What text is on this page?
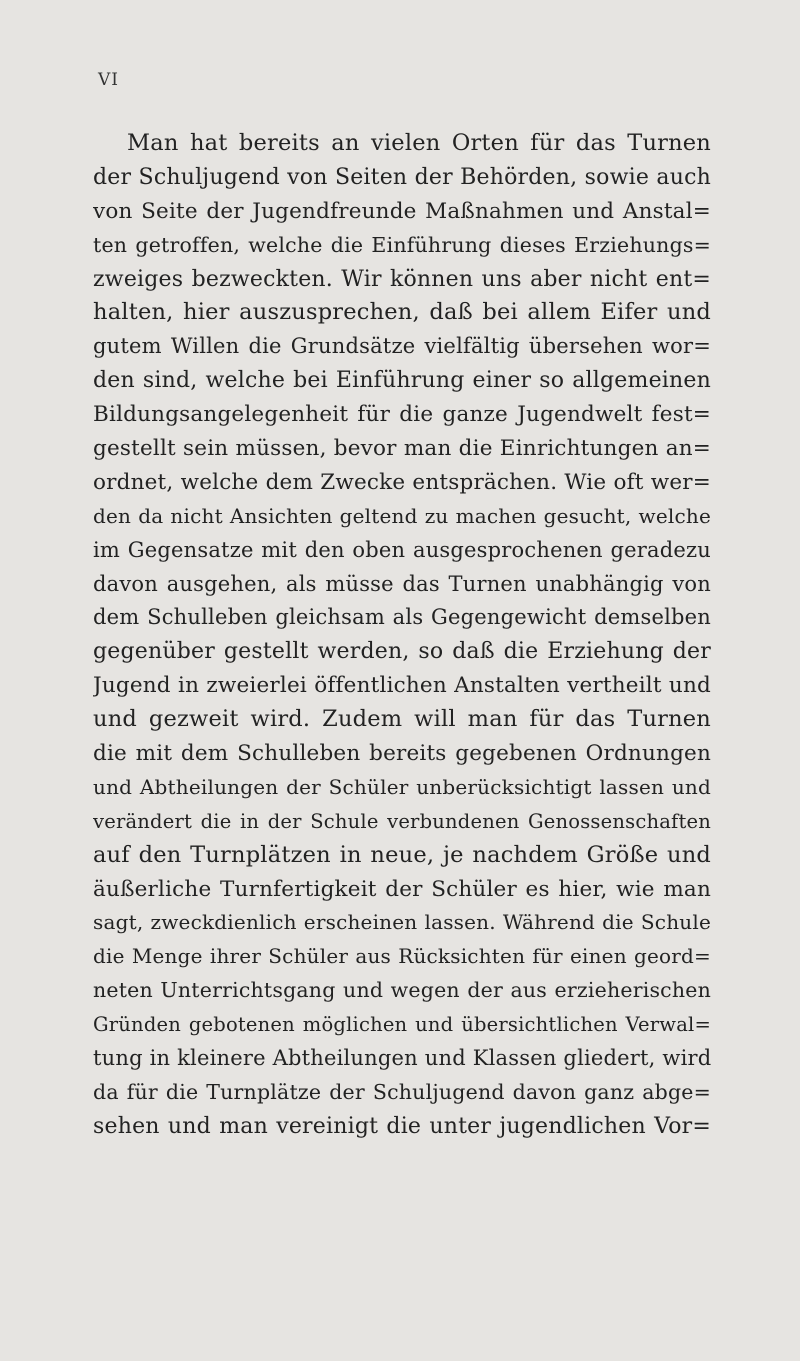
VI
Man hat bereits an vielen Orten für das Turnen
der Schuljugend von Seiten der Behörden, sowie auch
von Seite der Jugendfreunde Maßnahmen und Anstal=
ten getroffen, welche die Einführung dieses Erziehungs=
zweiges bezweckten. Wir können uns aber nicht ent=
halten, hier auszusprechen, daß bei allem Eifer und
gutem Willen die Grundsätze vielfältig übersehen wor=
den sind, welche bei Einführung einer so allgemeinen
Bildungsangelegenheit für die ganze Jugendwelt fest=
gestellt sein müssen, bevor man die Einrichtungen an=
ordnet, welche dem Zwecke entsprächen. Wie oft wer=
den da nicht Ansichten geltend zu machen gesucht, welche
im Gegensatze mit den oben ausgesprochenen geradezu
davon ausgehen, als müsse das Turnen unabhängig von
dem Schulleben gleichsam als Gegengewicht demselben
gegenüber gestellt werden, so daß die Erziehung der
Jugend in zweierlei öffentlichen Anstalten vertheilt und
und gezweit wird. Zudem will man für das Turnen
die mit dem Schulleben bereits gegebenen Ordnungen
und Abtheilungen der Schüler unberücksichtigt lassen und
verändert die in der Schule verbundenen Genossenschaften
auf den Turnplätzen in neue, je nachdem Größe und
äußerliche Turnfertigkeit der Schüler es hier, wie man
sagt, zweckdienlich erscheinen lassen. Während die Schule
die Menge ihrer Schüler aus Rücksichten für einen geord=
neten Unterrichtsgang und wegen der aus erzieherischen
Gründen gebotenen möglichen und übersichtlichen Verwal=
tung in kleinere Abtheilungen und Klassen gliedert, wird
da für die Turnplätze der Schuljugend davon ganz abge=
sehen und man vereinigt die unter jugendlichen Vor=
